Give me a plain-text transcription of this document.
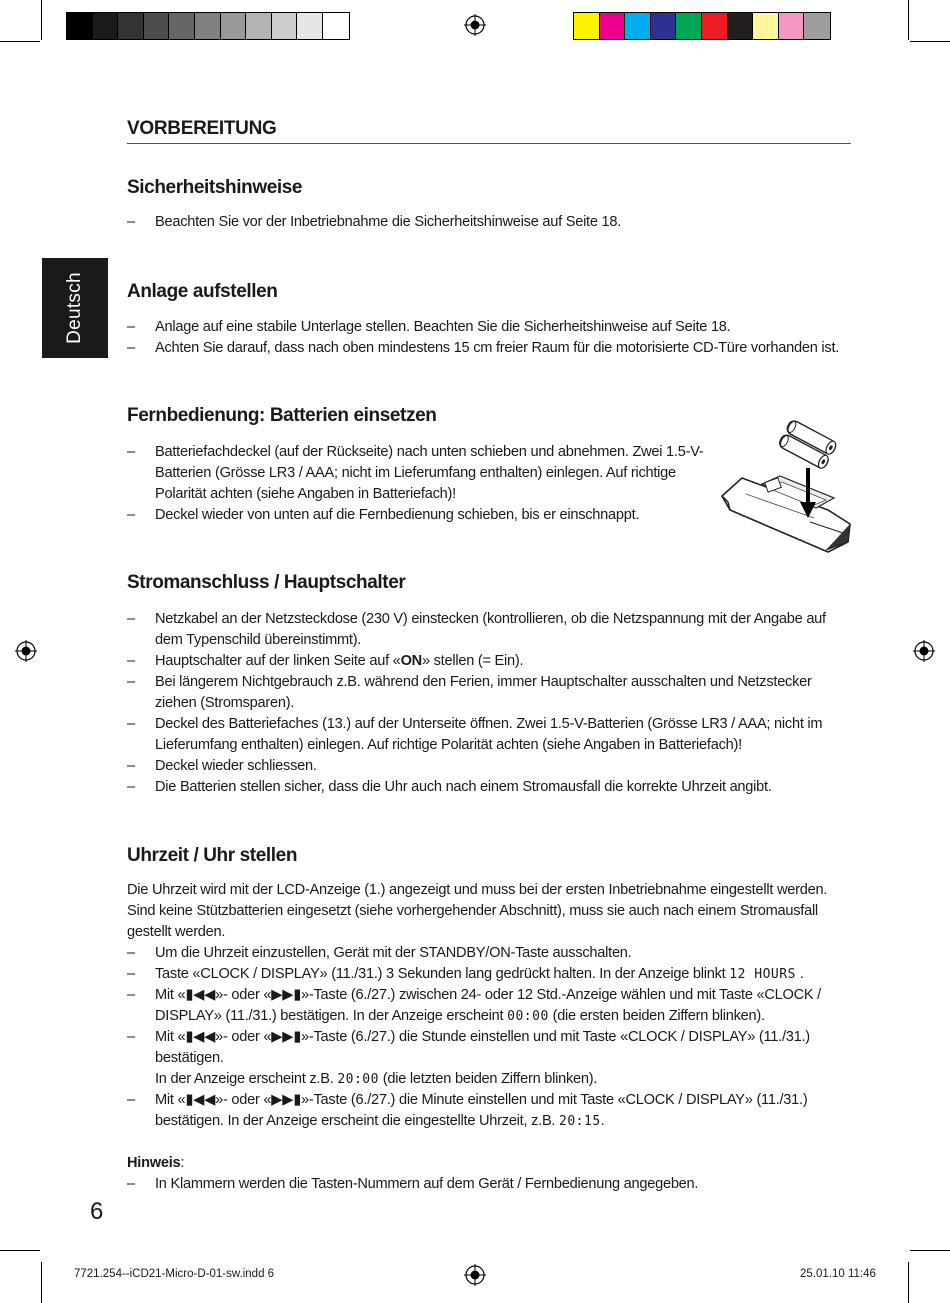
Deutsch
VORBEREITUNG
Sicherheitshinweise
– Beachten Sie vor der Inbetriebnahme die Sicherheitshinweise auf Seite 18.
Anlage aufstellen
– Anlage auf eine stabile Unterlage stellen. Beachten Sie die Sicherheitshinweise auf Seite 18.
– Achten Sie darauf, dass nach oben mindestens 15 cm freier Raum für die motorisierte CD-Türe vorhanden ist.
Fernbedienung: Batterien einsetzen
– Batteriefachdeckel (auf der Rückseite) nach unten schieben und abnehmen. Zwei 1.5-V-Batterien (Grösse LR3 / AAA; nicht im Lieferumfang enthalten) einlegen. Auf richtige Polarität achten (siehe Angaben in Batteriefach)!
– Deckel wieder von unten auf die Fernbedienung schieben, bis er einschnappt.
Stromanschluss / Hauptschalter
– Netzkabel an der Netzsteckdose (230 V) einstecken (kontrollieren, ob die Netzspannung mit der Angabe auf dem Typenschild übereinstimmt).
– Hauptschalter auf der linken Seite auf «ON» stellen (= Ein).
– Bei längerem Nichtgebrauch z.B. während den Ferien, immer Hauptschalter ausschalten und Netzstecker ziehen (Stromsparen).
– Deckel des Batteriefaches (13.) auf der Unterseite öffnen. Zwei 1.5-V-Batterien (Grösse LR3 / AAA; nicht im Lieferumfang enthalten) einlegen. Auf richtige Polarität achten (siehe Angaben in Batteriefach)!
– Deckel wieder schliessen.
– Die Batterien stellen sicher, dass die Uhr auch nach einem Stromausfall die korrekte Uhrzeit angibt.
Uhrzeit / Uhr stellen

Die Uhrzeit wird mit der LCD-Anzeige (1.) angezeigt und muss bei der ersten Inbetriebnahme eingestellt werden. Sind keine Stützbatterien eingesetzt (siehe vorhergehender Abschnitt), muss sie auch nach einem Stromausfall gestellt werden.

– Um die Uhrzeit einzustellen, Gerät mit der STANDBY/ON-Taste ausschalten.
– Taste «CLOCK / DISPLAY» (11./31.) 3 Sekunden lang gedrückt halten. In der Anzeige blinkt 12 HOURS .
– Mit «▮◀◀»- oder «▶▶▮»-Taste (6./27.) zwischen 24- oder 12 Std.-Anzeige wählen und mit Taste «CLOCK / DISPLAY» (11./31.) bestätigen. In der Anzeige erscheint 00:00 (die ersten beiden Ziffern blinken).
– Mit «▮◀◀»- oder «▶▶▮»-Taste (6./27.) die Stunde einstellen und mit Taste «CLOCK / DISPLAY» (11./31.) bestätigen.
In der Anzeige erscheint z.B. 20:00 (die letzten beiden Ziffern blinken).
– Mit «▮◀◀»- oder «▶▶▮»-Taste (6./27.) die Minute einstellen und mit Taste «CLOCK / DISPLAY» (11./31.) bestätigen. In der Anzeige erscheint die eingestellte Uhrzeit, z.B. 20:15.

Hinweis:

– In Klammern werden die Tasten-Nummern auf dem Gerät / Fernbedienung angegeben.
6
7721.254--iCD21-Micro-D-01-sw.indd 6	25.01.10 11:46
